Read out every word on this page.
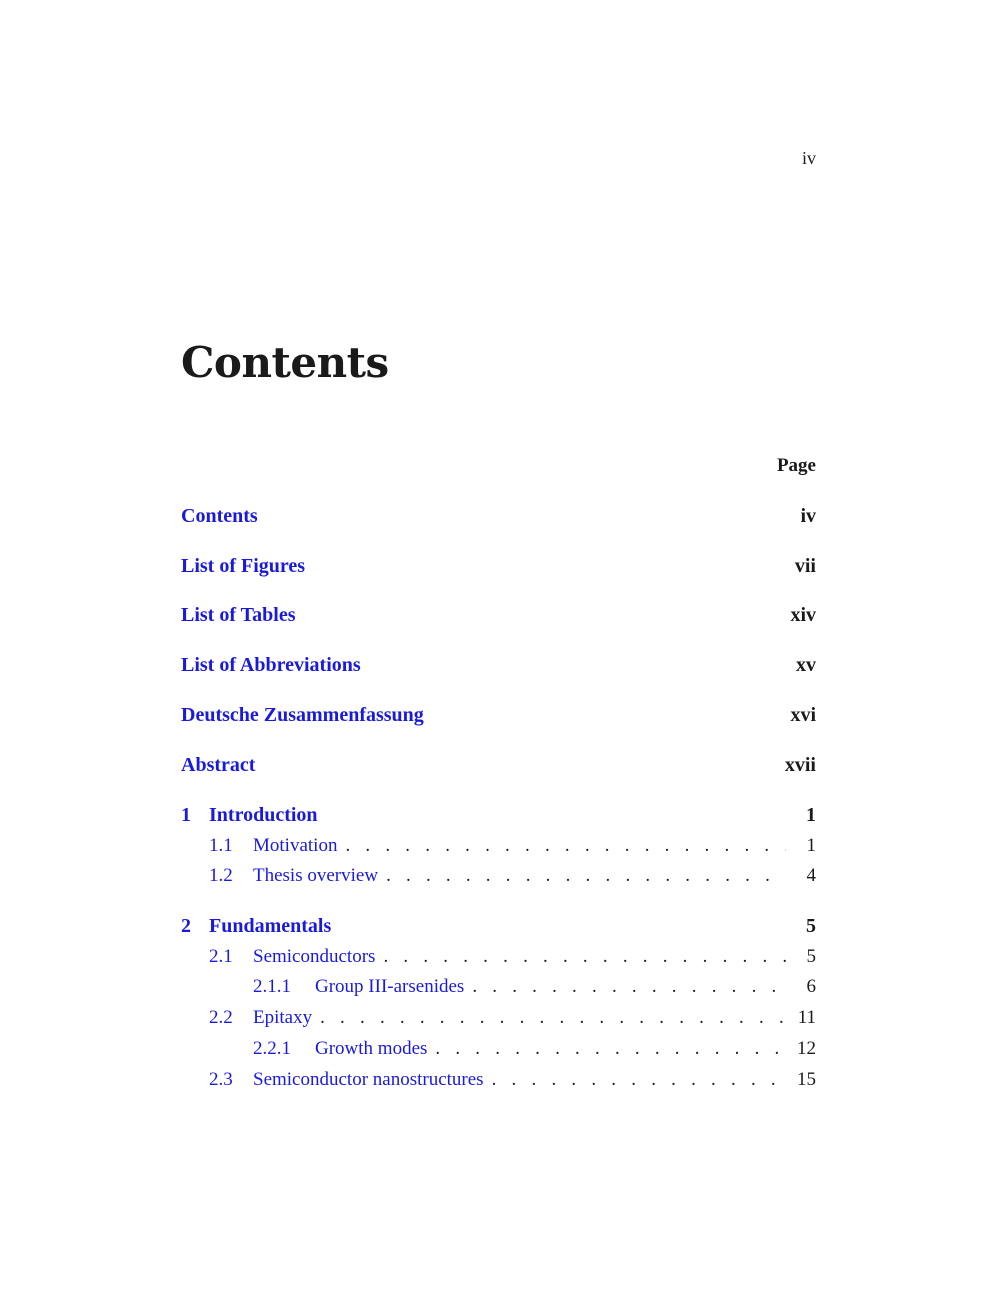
iv
Contents
Page
Contents	iv
List of Figures	vii
List of Tables	xiv
List of Abbreviations	xv
Deutsche Zusammenfassung	xvi
Abstract	xvii
1 Introduction	1
1.1	Motivation . . .	1
1.2	Thesis overview . . .	4
2 Fundamentals	5
2.1	Semiconductors . . .	5
2.1.1	Group III-arsenides . . .	6
2.2	Epitaxy . . .	11
2.2.1	Growth modes . . .	12
2.3	Semiconductor nanostructures . . .	15
